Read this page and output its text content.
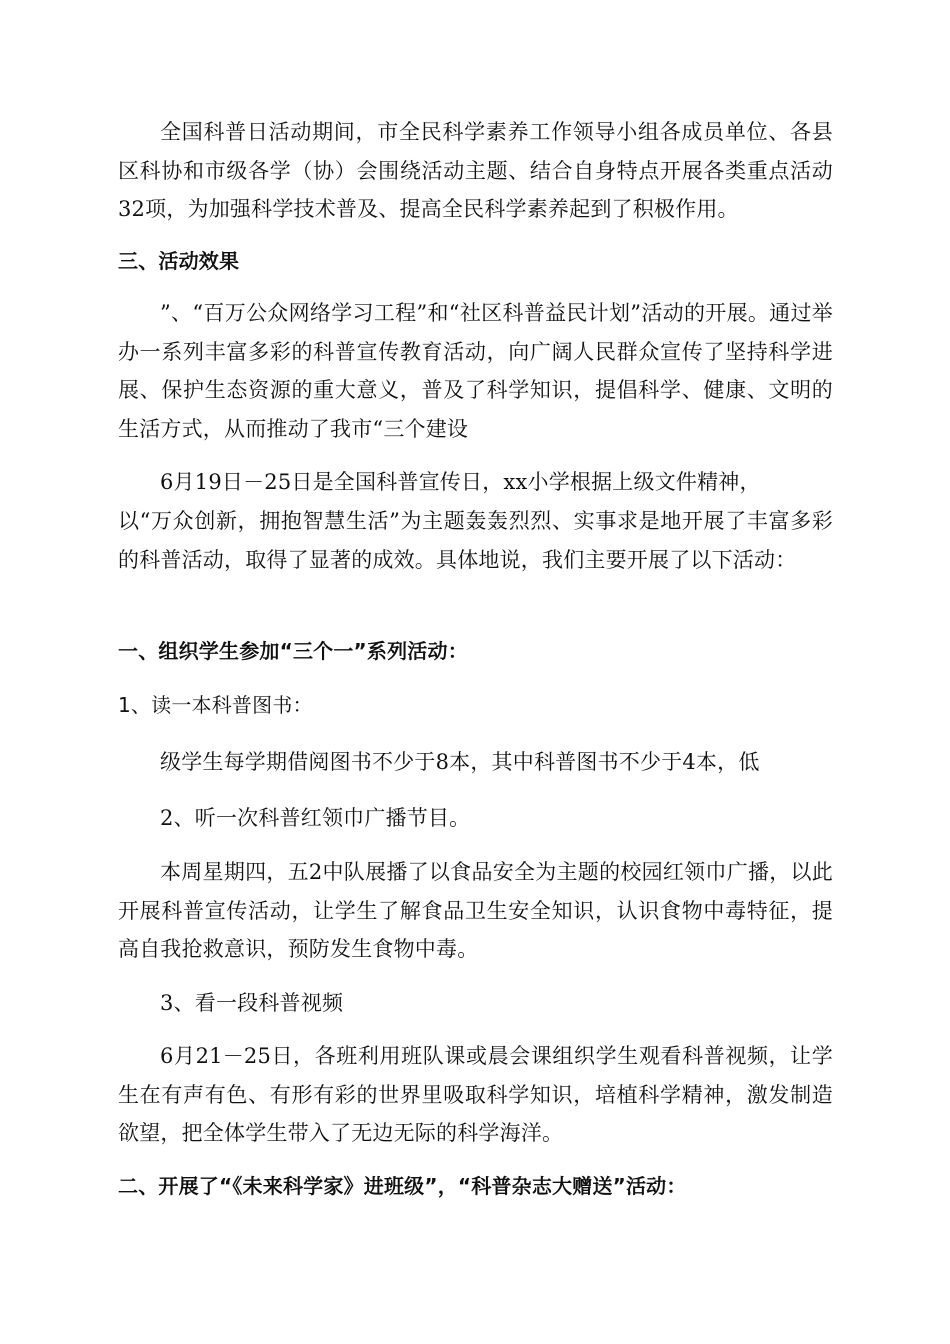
全国科普日活动期间，市全民科学素养工作领导小组各成员单位、各县区科协和市级各学（协）会围绕活动主题、结合自身特点开展各类重点活动32项，为加强科学技术普及、提高全民科学素养起到了积极作用。

三、活动效果

”、“百万公众网络学习工程”和“社区科普益民计划”活动的开展。通过举办一系列丰富多彩的科普宣传教育活动，向广阔人民群众宣传了坚持科学进展、保护生态资源的重大意义，普及了科学知识，提倡科学、健康、文明的生活方式，从而推动了我市“三个建设

6月19日－25日是全国科普宣传日，xx小学根据上级文件精神，

以“万众创新，拥抱智慧生活”为主题轰轰烈烈、实事求是地开展了丰富多彩的科普活动，取得了显著的成效。具体地说，我们主要开展了以下活动：

一、组织学生参加“三个一”系列活动：

1、读一本科普图书：

级学生每学期借阅图书不少于8本，其中科普图书不少于4本，低

2、听一次科普红领巾广播节目。

本周星期四，五2中队展播了以食品安全为主题的校园红领巾广播，以此开展科普宣传活动，让学生了解食品卫生安全知识，认识食物中毒特征，提高自我抢救意识，预防发生食物中毒。

3、看一段科普视频

6月21－25日，各班利用班队课或晨会课组织学生观看科普视频，让学生在有声有色、有形有彩的世界里吸取科学知识，培植科学精神，激发制造欲望，把全体学生带入了无边无际的科学海洋。

二、开展了“《未来科学家》进班级”，“科普杂志大赠送”活动：
